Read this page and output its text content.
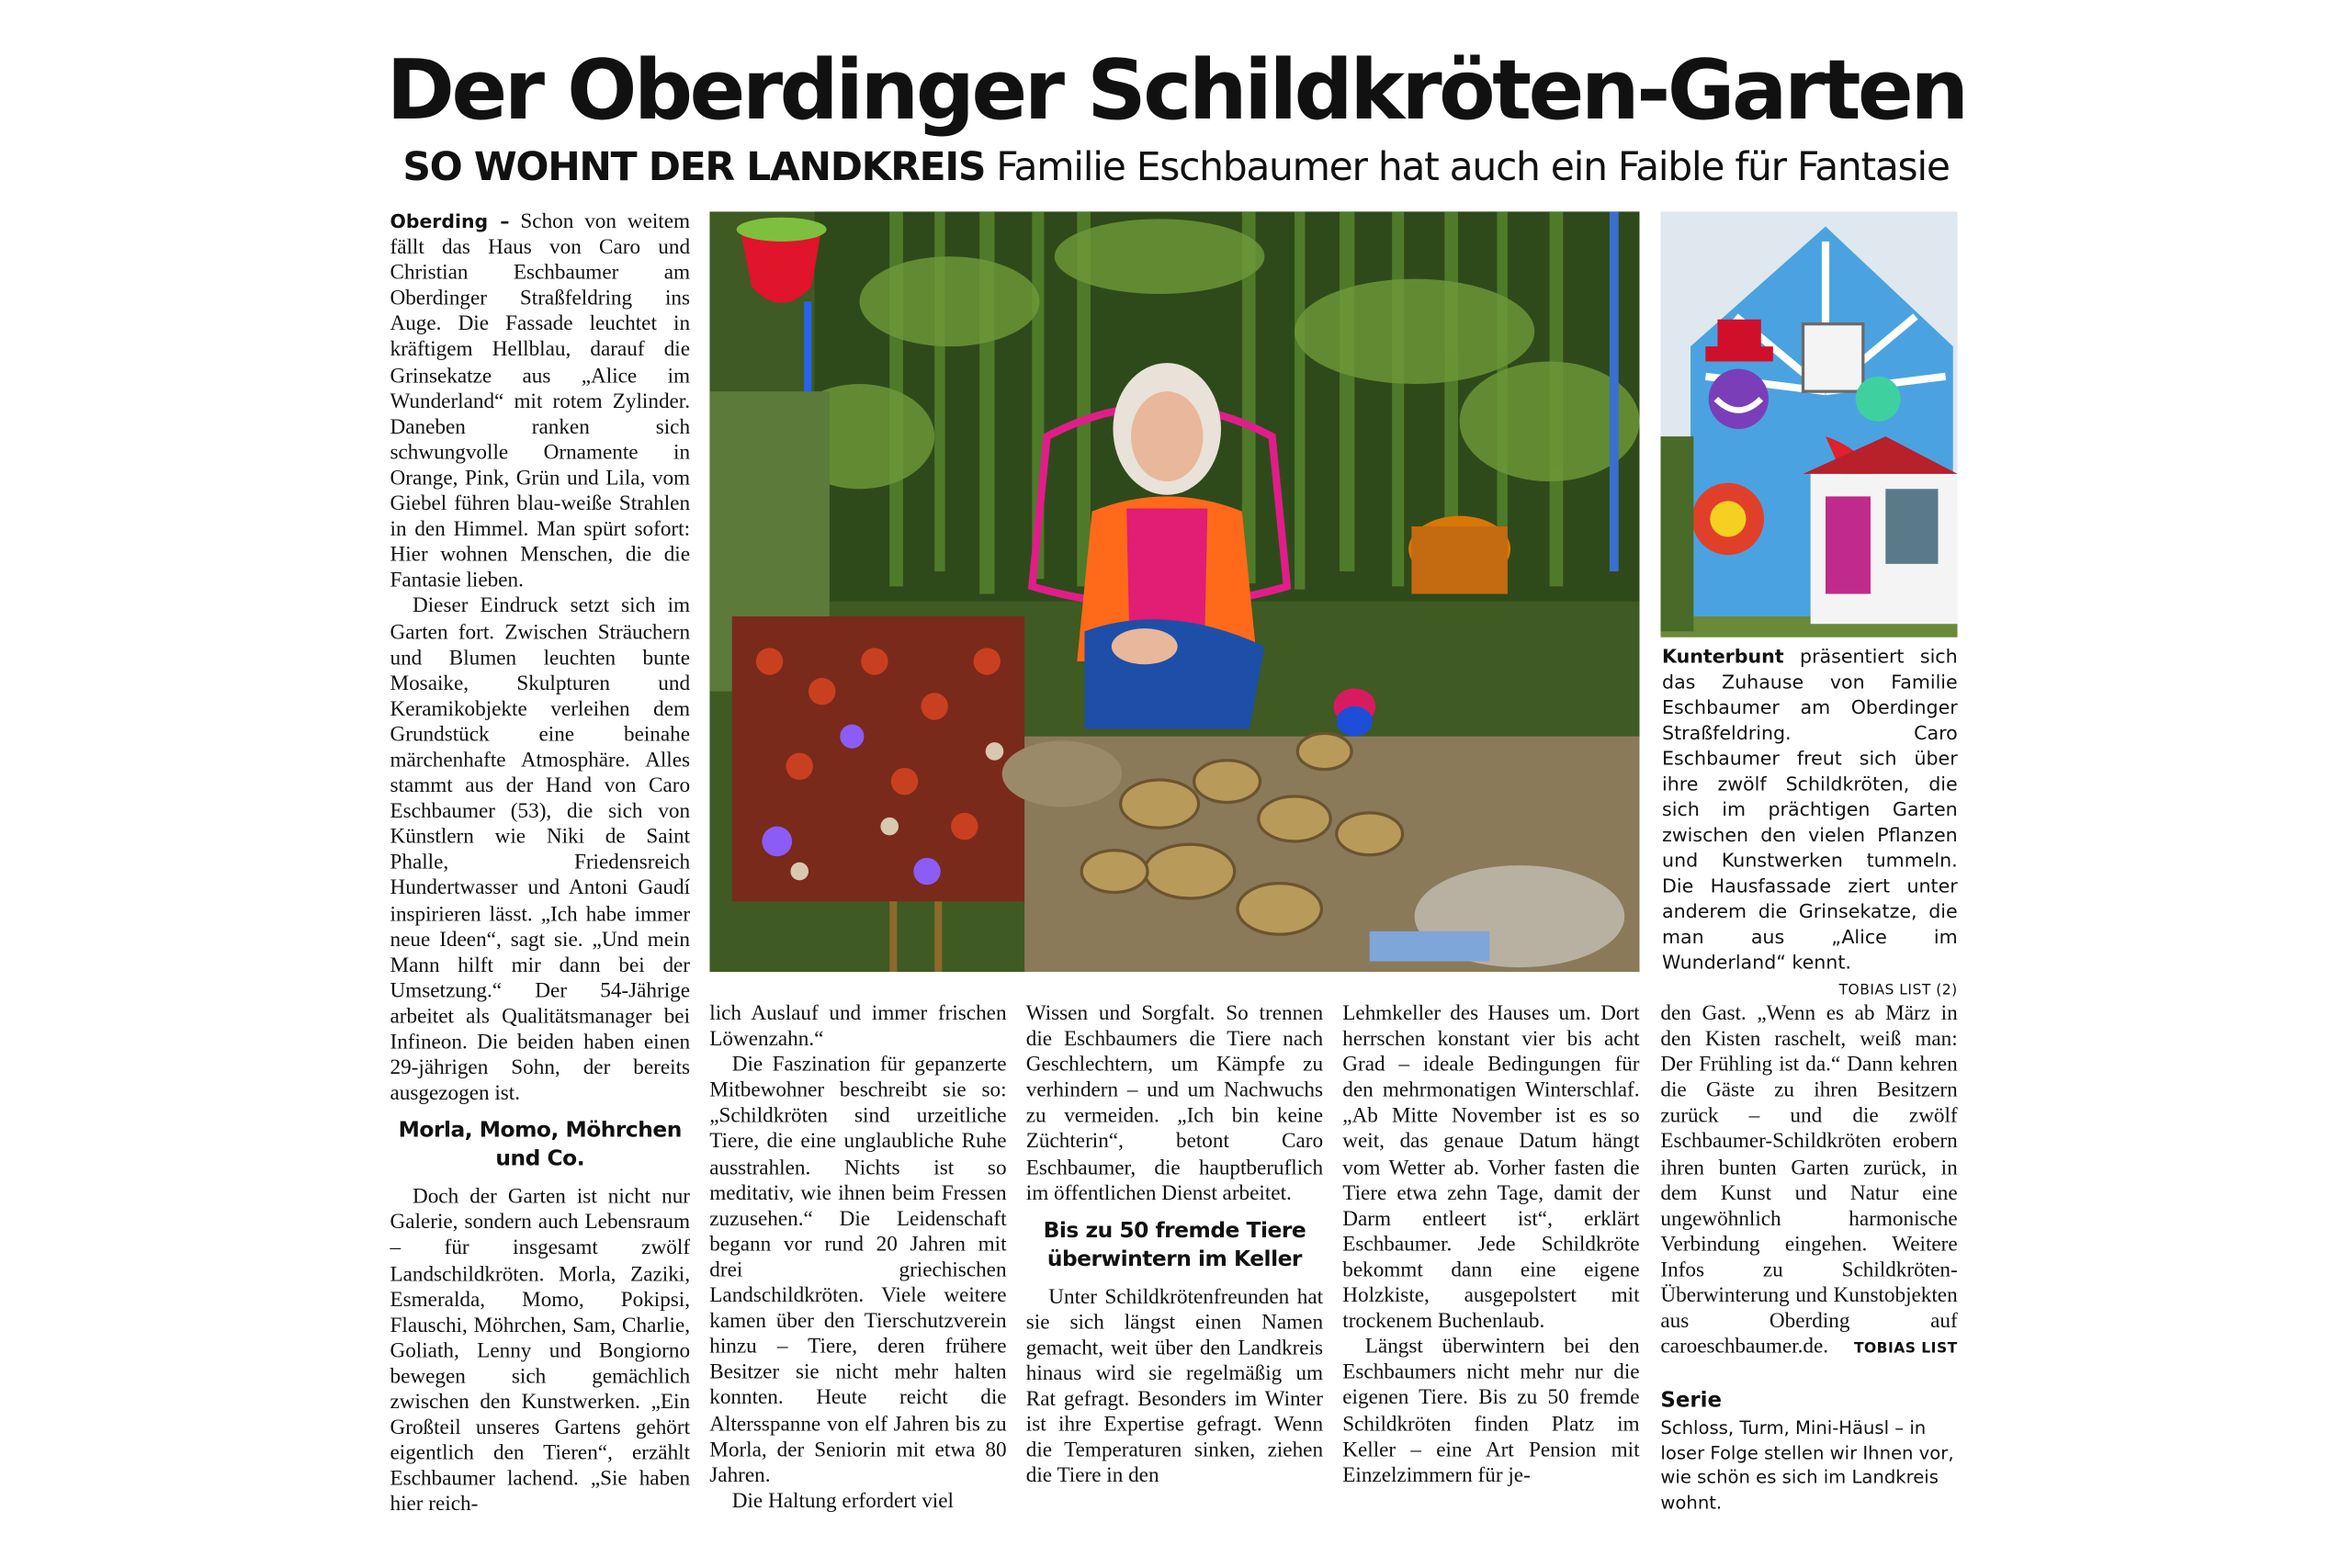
Der Oberdinger Schildkröten-Garten
SO WOHNT DER LANDKREIS Familie Eschbaumer hat auch ein Faible für Fantasie

Oberding – Schon von weitem fällt das Haus von Caro und Christian Eschbaumer am Oberdinger Straßfeldring ins Auge. Die Fassade leuchtet in kräftigem Hellblau, darauf die Grinsekatze aus „Alice im Wunderland“ mit rotem Zylinder. Daneben ranken sich schwungvolle Ornamente in Orange, Pink, Grün und Lila, vom Giebel führen blau-weiße Strahlen in den Himmel. Man spürt sofort: Hier wohnen Menschen, die die Fantasie lieben.

Dieser Eindruck setzt sich im Garten fort. Zwischen Sträuchern und Blumen leuchten bunte Mosaike, Skulpturen und Keramikobjekte verleihen dem Grundstück eine beinahe märchenhafte Atmosphäre. Alles stammt aus der Hand von Caro Eschbaumer (53), die sich von Künstlern wie Niki de Saint Phalle, Friedensreich Hundertwasser und Antoni Gaudí inspirieren lässt. „Ich habe immer neue Ideen“, sagt sie. „Und mein Mann hilft mir dann bei der Umsetzung.“ Der 54-Jährige arbeitet als Qualitätsmanager bei Infineon. Die beiden haben einen 29-jährigen Sohn, der bereits ausgezogen ist.

Morla, Momo, Möhrchen und Co.

Doch der Garten ist nicht nur Galerie, sondern auch Lebensraum – für insgesamt zwölf Landschildkröten. Morla, Zaziki, Esmeralda, Momo, Pokipsi, Flauschi, Möhrchen, Sam, Charlie, Goliath, Lenny und Bongiorno bewegen sich gemächlich zwischen den Kunstwerken. „Ein Großteil unseres Gartens gehört eigentlich den Tieren“, erzählt Eschbaumer lachend. „Sie haben hier reich-

Kunterbunt präsentiert sich das Zuhause von Familie Eschbaumer am Oberdinger Straßfeldring. Caro Eschbaumer freut sich über ihre zwölf Schildkröten, die sich im prächtigen Garten zwischen den vielen Pflanzen und Kunstwerken tummeln. Die Hausfassade ziert unter anderem die Grinsekatze, die man aus „Alice im Wunderland“ kennt.
TOBIAS LIST (2)

lich Auslauf und immer frischen Löwenzahn.“

Die Faszination für gepanzerte Mitbewohner beschreibt sie so: „Schildkröten sind urzeitliche Tiere, die eine unglaubliche Ruhe ausstrahlen. Nichts ist so meditativ, wie ihnen beim Fressen zuzusehen.“ Die Leidenschaft begann vor rund 20 Jahren mit drei griechischen Landschildkröten. Viele weitere kamen über den Tierschutzverein hinzu – Tiere, deren frühere Besitzer sie nicht mehr halten konnten. Heute reicht die Altersspanne von elf Jahren bis zu Morla, der Seniorin mit etwa 80 Jahren.

Die Haltung erfordert viel

Wissen und Sorgfalt. So trennen die Eschbaumers die Tiere nach Geschlechtern, um Kämpfe zu verhindern – und um Nachwuchs zu vermeiden. „Ich bin keine Züchterin“, betont Caro Eschbaumer, die hauptberuflich im öffentlichen Dienst arbeitet.

Bis zu 50 fremde Tiere überwintern im Keller

Unter Schildkrötenfreunden hat sie sich längst einen Namen gemacht, weit über den Landkreis hinaus wird sie regelmäßig um Rat gefragt. Besonders im Winter ist ihre Expertise gefragt. Wenn die Temperaturen sinken, ziehen die Tiere in den

Lehmkeller des Hauses um. Dort herrschen konstant vier bis acht Grad – ideale Bedingungen für den mehrmonatigen Winterschlaf. „Ab Mitte November ist es so weit, das genaue Datum hängt vom Wetter ab. Vorher fasten die Tiere etwa zehn Tage, damit der Darm entleert ist“, erklärt Eschbaumer. Jede Schildkröte bekommt dann eine eigene Holzkiste, ausgepolstert mit trockenem Buchenlaub.

Längst überwintern bei den Eschbaumers nicht mehr nur die eigenen Tiere. Bis zu 50 fremde Schildkröten finden Platz im Keller – eine Art Pension mit Einzelzimmern für je-

den Gast. „Wenn es ab März in den Kisten raschelt, weiß man: Der Frühling ist da.“ Dann kehren die Gäste zu ihren Besitzern zurück – und die zwölf Eschbaumer-Schildkröten erobern ihren bunten Garten zurück, in dem Kunst und Natur eine ungewöhnlich harmonische Verbindung eingehen. Weitere Infos zu Schildkröten-Überwinterung und Kunstobjekten aus Oberding auf caroeschbaumer.de.	TOBIAS LIST

Serie
Schloss, Turm, Mini-Häusl – in loser Folge stellen wir Ihnen vor, wie schön es sich im Landkreis wohnt.
